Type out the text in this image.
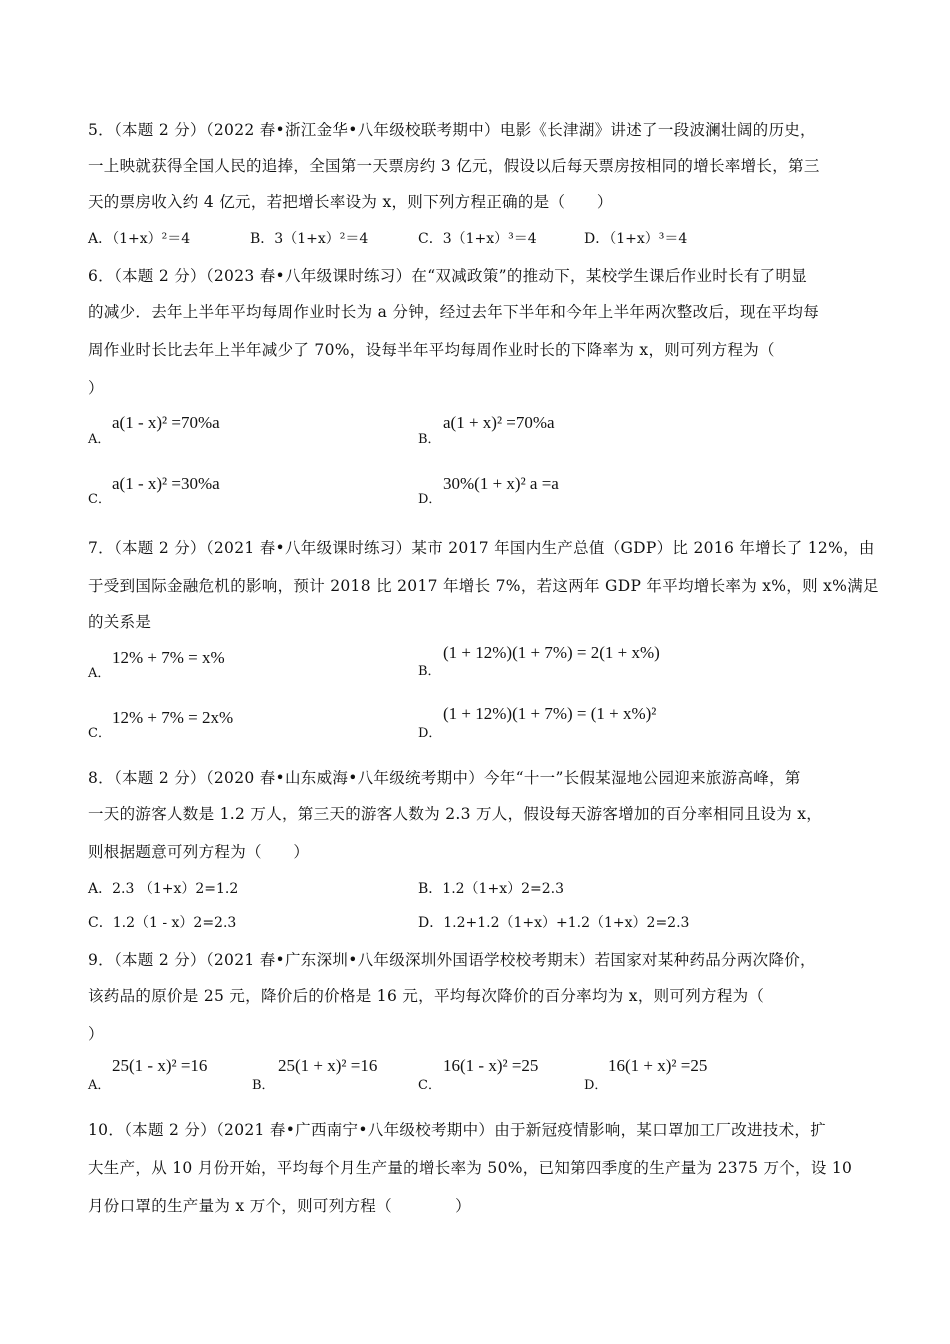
5．（本题 2 分）（2022 春•浙江金华•八年级校联考期中）电影《长津湖》讲述了一段波澜壮阔的历史，
一上映就获得全国人民的追捧，全国第一天票房约 3 亿元，假设以后每天票房按相同的增长率增长，第三
天的票房收入约 4 亿元，若把增长率设为 x，则下列方程正确的是（　　）
A．（1+x）²＝4	B．3（1+x）²＝4	C．3（1+x）³＝4	D．（1+x）³＝4
6．（本题 2 分）（2023 春•八年级课时练习）在“双减政策”的推动下，某校学生课后作业时长有了明显
的减少．去年上半年平均每周作业时长为 a 分钟，经过去年下半年和今年上半年两次整改后，现在平均每
周作业时长比去年上半年减少了 70%，设每半年平均每周作业时长的下降率为 x，则可列方程为（
）
A．
a(1 - x)² =70%a
B．
a(1 + x)² =70%a
C．
a(1 - x)² =30%a
D．
30%(1 + x)² a =a
7．（本题 2 分）（2021 春•八年级课时练习）某市 2017 年国内生产总值（GDP）比 2016 年增长了 12%，由
于受到国际金融危机的影响，预计 2018 比 2017 年增长 7%，若这两年 GDP 年平均增长率为 x%，则 x%满足
的关系是
A．
12% + 7% = x%
B．
(1 + 12%)(1 + 7%) = 2(1 + x%)
C．
12% + 7% = 2x%
D．
(1 + 12%)(1 + 7%) = (1 + x%)²
8．（本题 2 分）（2020 春•山东威海•八年级统考期中）今年“十一”长假某湿地公园迎来旅游高峰，第
一天的游客人数是 1.2 万人，第三天的游客人数为 2.3 万人，假设每天游客增加的百分率相同且设为 x，
则根据题意可列方程为（　　）
A．2.3 （1+x）2=1.2	B．1.2（1+x）2=2.3
C．1.2（1 - x）2=2.3	D．1.2+1.2（1+x）+1.2（1+x）2=2.3
9．（本题 2 分）（2021 春•广东深圳•八年级深圳外国语学校校考期末）若国家对某种药品分两次降价，
该药品的原价是 25 元，降价后的价格是 16 元，平均每次降价的百分率均为 x，则可列方程为（
）
A．
25(1 - x)² =16
B．
25(1 + x)² =16
C．
16(1 - x)² =25
D．
16(1 + x)² =25
10．（本题 2 分）（2021 春•广西南宁•八年级校考期中）由于新冠疫情影响，某口罩加工厂改进技术，扩
大生产，从 10 月份开始，平均每个月生产量的增长率为 50%，已知第四季度的生产量为 2375 万个，设 10
月份口罩的生产量为 x 万个，则可列方程（　　　　）
